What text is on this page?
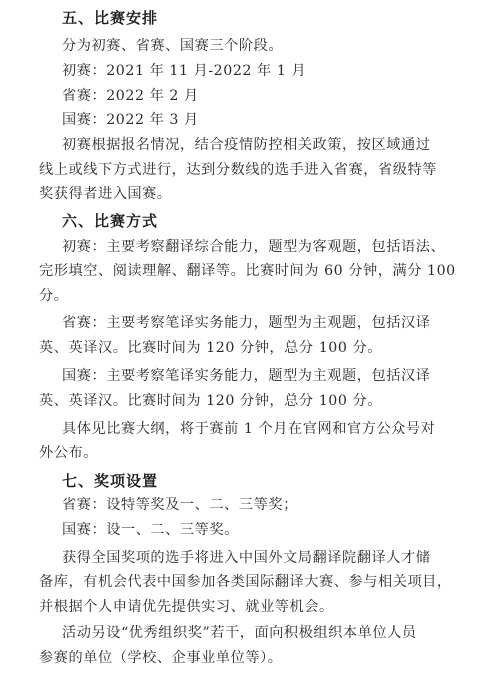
五、比赛安排
分为初赛、省赛、国赛三个阶段。
初赛：2021 年 11 月-2022 年 1 月
省赛：2022 年 2 月
国赛：2022 年 3 月
初赛根据报名情况，结合疫情防控相关政策，按区域通过
线上或线下方式进行，达到分数线的选手进入省赛，省级特等
奖获得者进入国赛。
六、比赛方式
初赛：主要考察翻译综合能力，题型为客观题，包括语法、
完形填空、阅读理解、翻译等。比赛时间为 60 分钟，满分 100
分。
省赛：主要考察笔译实务能力，题型为主观题，包括汉译
英、英译汉。比赛时间为 120 分钟，总分 100 分。
国赛：主要考察笔译实务能力，题型为主观题，包括汉译
英、英译汉。比赛时间为 120 分钟，总分 100 分。
具体见比赛大纲，将于赛前 1 个月在官网和官方公众号对
外公布。
七、奖项设置
省赛：设特等奖及一、二、三等奖；
国赛：设一、二、三等奖。
获得全国奖项的选手将进入中国外文局翻译院翻译人才储
备库，有机会代表中国参加各类国际翻译大赛、参与相关项目，
并根据个人申请优先提供实习、就业等机会。
活动另设“优秀组织奖”若干，面向积极组织本单位人员
参赛的单位（学校、企事业单位等）。
